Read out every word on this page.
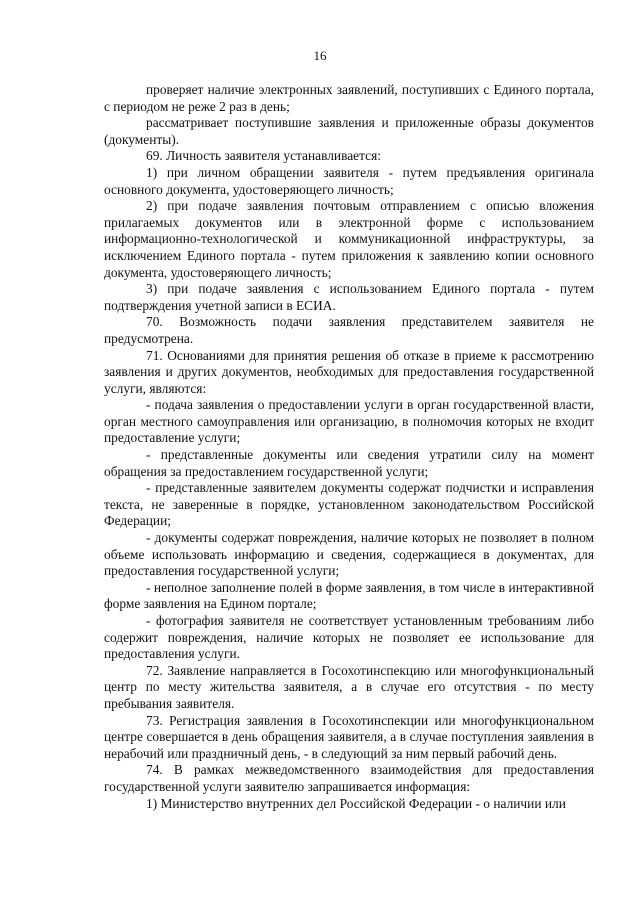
16

проверяет наличие электронных заявлений, поступивших с Единого портала, с периодом не реже 2 раз в день;

рассматривает поступившие заявления и приложенные образы документов (документы).

69. Личность заявителя устанавливается:

1) при личном обращении заявителя - путем предъявления оригинала основного документа, удостоверяющего личность;

2) при подаче заявления почтовым отправлением с описью вложения прилагаемых документов или в электронной форме с использованием информационно-технологической и коммуникационной инфраструктуры, за исключением Единого портала - путем приложения к заявлению копии основного документа, удостоверяющего личность;

3) при подаче заявления с использованием Единого портала - путем подтверждения учетной записи в ЕСИА.

70. Возможность подачи заявления представителем заявителя не предусмотрена.

71. Основаниями для принятия решения об отказе в приеме к рассмотрению заявления и других документов, необходимых для предоставления государственной услуги, являются:

- подача заявления о предоставлении услуги в орган государственной власти, орган местного самоуправления или организацию, в полномочия которых не входит предоставление услуги;

- представленные документы или сведения утратили силу на момент обращения за предоставлением государственной услуги;

- представленные заявителем документы содержат подчистки и исправления текста, не заверенные в порядке, установленном законодательством Российской Федерации;

- документы содержат повреждения, наличие которых не позволяет в полном объеме использовать информацию и сведения, содержащиеся в документах, для предоставления государственной услуги;

- неполное заполнение полей в форме заявления, в том числе в интерактивной форме заявления на Едином портале;

- фотография заявителя не соответствует установленным требованиям либо содержит повреждения, наличие которых не позволяет ее использование для предоставления услуги.

72. Заявление направляется в Госохотинспекцию или многофункциональный центр по месту жительства заявителя, а в случае его отсутствия - по месту пребывания заявителя.

73. Регистрация заявления в Госохотинспекции или многофункциональном центре совершается в день обращения заявителя, а в случае поступления заявления в нерабочий или праздничный день, - в следующий за ним первый рабочий день.

74. В рамках межведомственного взаимодействия для предоставления государственной услуги заявителю запрашивается информация:

1) Министерство внутренних дел Российской Федерации - о наличии или
